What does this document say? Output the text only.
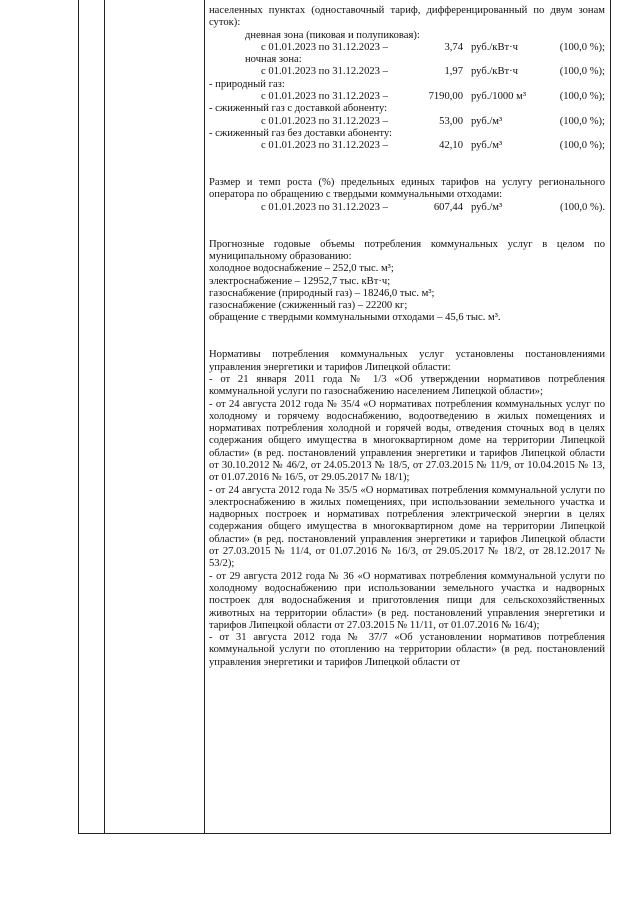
населенных пунктах (одноставочный тариф, дифференцированный по двум зонам суток):

дневная зона (пиковая и полупиковая):
с 01.01.2023 по 31.12.2023 –	3,74 руб./кВт·ч	(100,0 %);
ночная зона:
с 01.01.2023 по 31.12.2023 –	1,97 руб./кВт·ч	(100,0 %);
- природный газ:
с 01.01.2023 по 31.12.2023 –	7190,00 руб./1000 м³	(100,0 %);
- сжиженный газ с доставкой абоненту:
с 01.01.2023 по 31.12.2023 –	53,00 руб./м³	(100,0 %);
- сжиженный газ без доставки абоненту:
с 01.01.2023 по 31.12.2023 –	42,10 руб./м³	(100,0 %);

Размер и темп роста (%) предельных единых тарифов на услугу регионального оператора по обращению с твердыми коммунальными отходами:

с 01.01.2023 по 31.12.2023 –	607,44 руб./м³	(100,0 %).

Прогнозные годовые объемы потребления коммунальных услуг в целом по муниципальному образованию:

холодное водоснабжение – 252,0 тыс. м³;
электроснабжение – 12952,7 тыс. кВт·ч;
газоснабжение (природный газ) – 18246,0 тыс. м³;
газоснабжение (сжиженный газ) – 22200 кг;
обращение с твердыми коммунальными отходами – 45,6 тыс. м³.

Нормативы потребления коммунальных услуг установлены постановлениями управления энергетики и тарифов Липецкой области:

- от 21 января 2011 года № 1/3 «Об утверждении нормативов потребления коммунальной услуги по газоснабжению населением Липецкой области»;

- от 24 августа 2012 года № 35/4 «О нормативах потребления коммунальных услуг по холодному и горячему водоснабжению, водоотведению в жилых помещениях и нормативах потребления холодной и горячей воды, отведения сточных вод в целях содержания общего имущества в многоквартирном доме на территории Липецкой области» (в ред. постановлений управления энергетики и тарифов Липецкой области от 30.10.2012 № 46/2, от 24.05.2013 № 18/5, от 27.03.2015 № 11/9, от 10.04.2015 № 13, от 01.07.2016 № 16/5, от 29.05.2017 № 18/1);

- от 24 августа 2012 года № 35/5 «О нормативах потребления коммунальной услуги по электроснабжению в жилых помещениях, при использовании земельного участка и надворных построек и нормативах потребления электрической энергии в целях содержания общего имущества в многоквартирном доме на территории Липецкой области» (в ред. постановлений управления энергетики и тарифов Липецкой области от 27.03.2015 № 11/4, от 01.07.2016 № 16/3, от 29.05.2017 № 18/2, от 28.12.2017 № 53/2);

- от 29 августа 2012 года № 36 «О нормативах потребления коммунальной услуги по холодному водоснабжению при использовании земельного участка и надворных построек для водоснабжения и приготовления пищи для сельскохозяйственных животных на территории области» (в ред. постановлений управления энергетики и тарифов Липецкой области от 27.03.2015 № 11/11, от 01.07.2016 № 16/4);

- от 31 августа 2012 года № 37/7 «Об установлении нормативов потребления коммунальной услуги по отоплению на территории области» (в ред. постановлений управления энергетики и тарифов Липецкой области от
